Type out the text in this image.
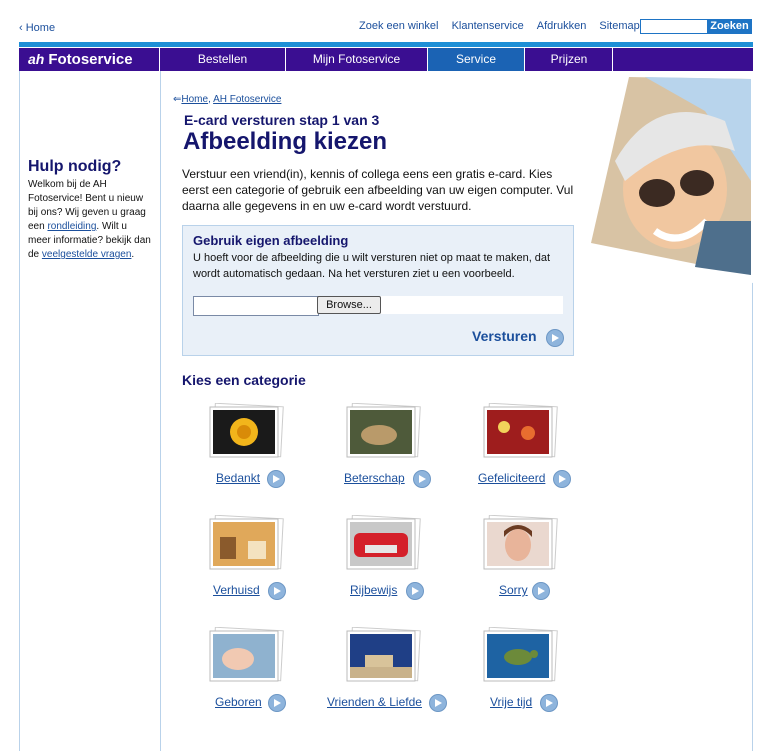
‹ Home	Zoek een winkel Klantenservice Afdrukken Sitemap	Zoeken
ah Fotoservice	Bestellen	Mijn Fotoservice	Service	Prijzen
Hulp nodig?
Welkom bij de AH Fotoservice! Bent u nieuw bij ons? Wij geven u graag een rondleiding. Wilt u meer informatie? bekijk dan de veelgestelde vragen.
⇐Home, AH Fotoservice
E-card versturen stap 1 van 3
Afbeelding kiezen
Verstuur een vriend(in), kennis of collega eens een gratis e-card. Kies eerst een categorie of gebruik een afbeelding van uw eigen computer. Vul daarna alle gegevens in en uw e-card wordt verstuurd.
Gebruik eigen afbeelding
U hoeft voor de afbeelding die u wilt versturen niet op maat te maken, dat wordt automatisch gedaan. Na het versturen ziet u een voorbeeld.
Browse...
Versturen
Kies een categorie
Bedankt	Beterschap	Gefeliciteerd
Verhuisd	Rijbewijs	Sorry
Geboren	Vrienden & Liefde	Vrije tijd
